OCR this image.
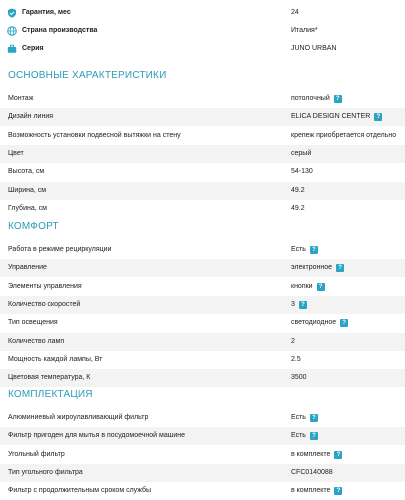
Гарантия, мес	24
Страна производства	Италия*
Серия	JUNO URBAN
ОСНОВНЫЕ ХАРАКТЕРИСТИКИ
Монтаж	потолочный ?
Дизайн линия	ELICA DESIGN CENTER ?
Возможность установки подвесной вытяжки на стену	крепеж приобретается отдельно
Цвет	серый
Высота, см	54-130
Ширина, см	49.2
Глубина, см	49.2
КОМФОРТ
Работа в режиме рециркуляции	Есть ?
Управление	электронное ?
Элементы управления	кнопки ?
Количество скоростей	3 ?
Тип освещения	светодиодное ?
Количество ламп	2
Мощность каждой лампы, Вт	2.5
Цветовая температура, К	3500
КОМПЛЕКТАЦИЯ
Алюминиевый жироулавливающий фильтр	Есть ?
Фильтр пригоден для мытья в посудомоечной машине	Есть ?
Угольный фильтр	в комплекте ?
Тип угольного фильтра	CFC0140088
Фильтр с продолжительным сроком службы	в комплекте ?
